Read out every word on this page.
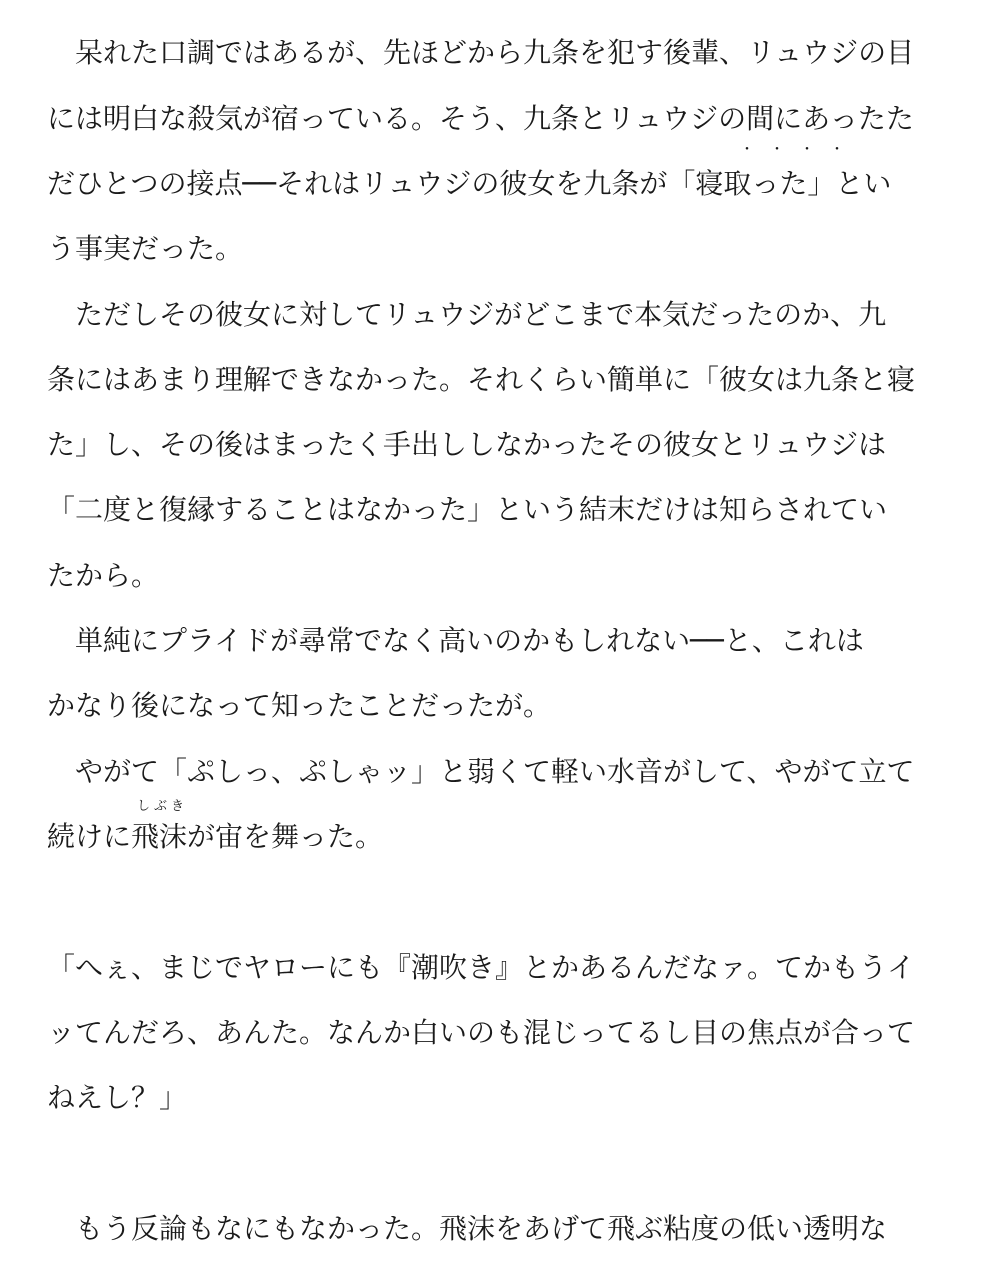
　呆れた口調ではあるが、先ほどから九条を犯す後輩、リュウジの目

には明白な殺気が宿っている。そう、九条とリュウジの間にあったた

・・・・

だひとつの接点──それはリュウジの彼女を九条が「寝取った」とい

う事実だった。

　ただしその彼女に対してリュウジがどこまで本気だったのか、九

条にはあまり理解できなかった。それくらい簡単に「彼女は九条と寝

た」し、その後はまったく手出ししなかったその彼女とリュウジは

「二度と復縁することはなかった」という結末だけは知らされてい

たから。

　単純にプライドが尋常でなく高いのかもしれない──と、これは

かなり後になって知ったことだったが。

　やがて「ぷしっ、ぷしゃッ」と弱くて軽い水音がして、やがて立て

しぶき

続けに飛沫が宙を舞った。

「へぇ、まじでヤローにも『潮吹き』とかあるんだなァ。てかもうイ

ッてんだろ、あんた。なんか白いのも混じってるし目の焦点が合って

ねえし？」

　もう反論もなにもなかった。飛沫をあげて飛ぶ粘度の低い透明な
